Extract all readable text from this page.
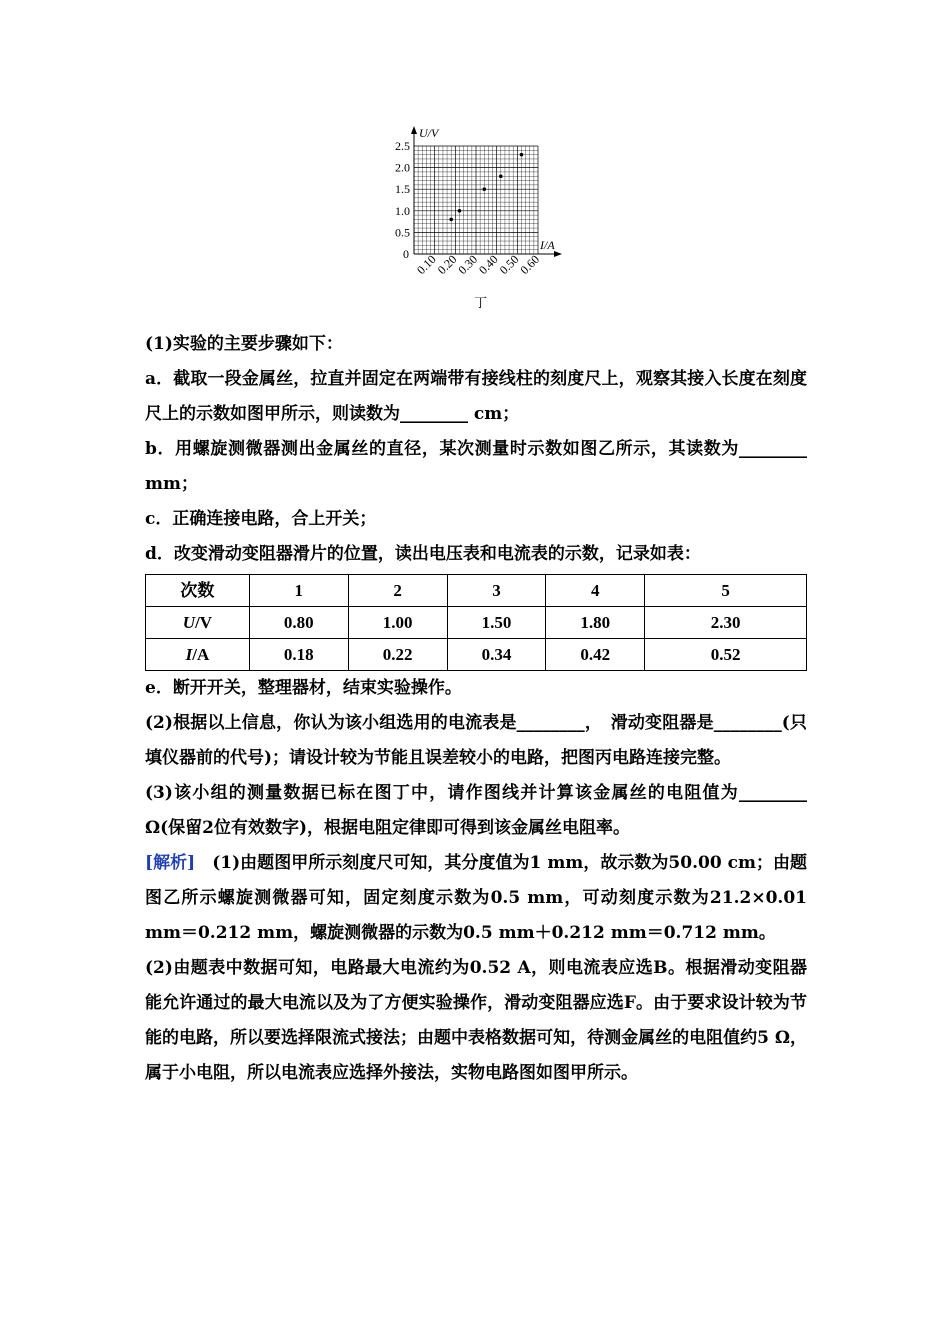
U/V
I/A
0
0.5
1.0
1.5
2.0
2.5
0.10
0.20
0.30
0.40
0.50
0.60
丁

(1)实验的主要步骤如下：

a．截取一段金属丝，拉直并固定在两端带有接线柱的刻度尺上，观察其接入长度在刻度尺上的示数如图甲所示，则读数为________ cm；

b．用螺旋测微器测出金属丝的直径，某次测量时示数如图乙所示，其读数为________ mm；

c．正确连接电路，合上开关；

d．改变滑动变阻器滑片的位置，读出电压表和电流表的示数，记录如表：

次数	1	2	3	4	5
U/V	0.80	1.00	1.50	1.80	2.30
I/A	0.18	0.22	0.34	0.42	0.52

e．断开开关，整理器材，结束实验操作。

(2)根据以上信息，你认为该小组选用的电流表是________，　滑动变阻器是________(只填仪器前的代号)；请设计较为节能且误差较小的电路，把图丙电路连接完整。

(3)该小组的测量数据已标在图丁中，请作图线并计算该金属丝的电阻值为________ Ω(保留2位有效数字)，根据电阻定律即可得到该金属丝电阻率。

[解析]　(1)由题图甲所示刻度尺可知，其分度值为1 mm，故示数为50.00 cm；由题图乙所示螺旋测微器可知，固定刻度示数为0.5 mm，可动刻度示数为21.2×0.01 mm＝0.212 mm，螺旋测微器的示数为0.5 mm＋0.212 mm＝0.712 mm。

(2)由题表中数据可知，电路最大电流约为0.52 A，则电流表应选B。根据滑动变阻器能允许通过的最大电流以及为了方便实验操作，滑动变阻器应选F。由于要求设计较为节能的电路，所以要选择限流式接法；由题中表格数据可知，待测金属丝的电阻值约5 Ω，属于小电阻，所以电流表应选择外接法，实物电路图如图甲所示。
